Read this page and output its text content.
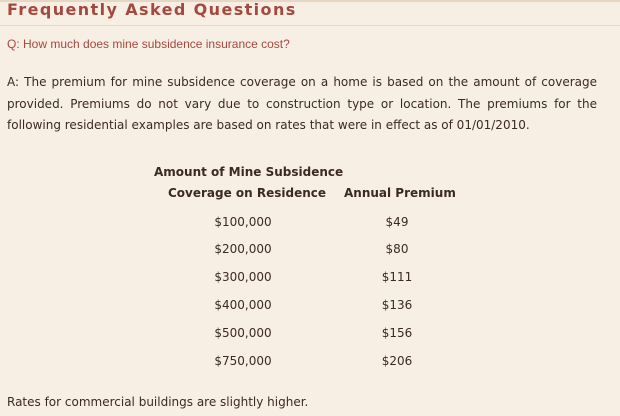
Frequently Asked Questions
Q: How much does mine subsidence insurance cost?
A: The premium for mine subsidence coverage on a home is based on the amount of coverage provided. Premiums do not vary due to construction type or location. The premiums for the following residential examples are based on rates that were in effect as of 01/01/2010.
Amount of Mine Subsidence
Coverage on Residence Annual Premium
$100,000	$49
$200,000	$80
$300,000	$111
$400,000	$136
$500,000	$156
$750,000	$206
Rates for commercial buildings are slightly higher.
